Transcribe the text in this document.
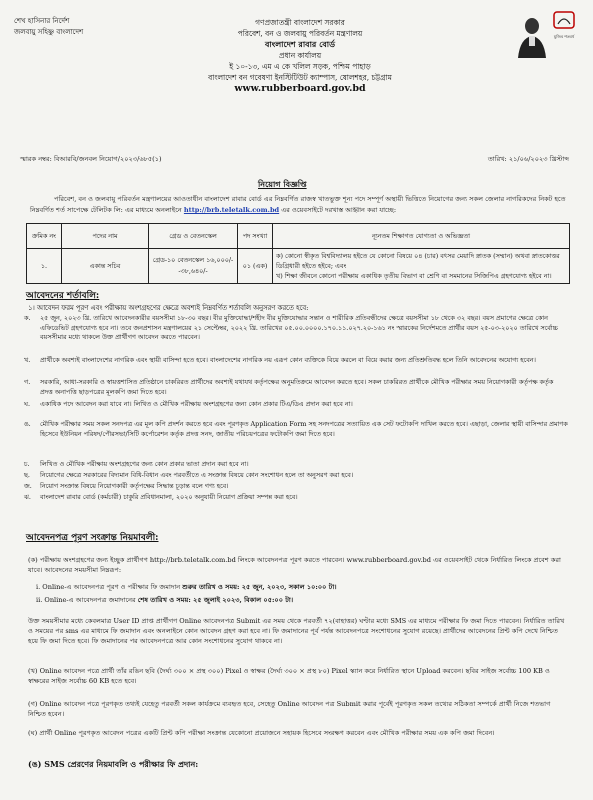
শেখ হাসিনার নির্দেশ
জলবায়ু সহিষ্ণু বাংলাদেশ
গণপ্রজাতন্ত্রী বাংলাদেশ সরকার
পরিবেশ, বন ও জলবায়ু পরিবর্তন মন্ত্রণালয়
বাংলাদেশ রাবার বোর্ড
প্রধান কার্যালয়
ই ১০-১৩, এম এ কে খলিল সড়ক, পশ্চিম পাহাড়
বাংলাদেশ বন গবেষণা ইনস্টিটিউট ক্যাম্পাস, ষোলশহর, চট্টগ্রাম
www.rubberboard.gov.bd
মুজিব শতবর্ষ
স্মারক নম্বর: বিআরবি/জনবল নিয়োগ/২০২৩/৬৮৫(১)	তারিখ: ২১/০৬/২০২৩ খ্রিস্টাব্দ
নিয়োগ বিজ্ঞপ্তি
পরিবেশ, বন ও জলবায়ু পরিবর্তন মন্ত্রণালয়ের আওতাধীন বাংলাদেশ রাবার বোর্ড এর নিম্নবর্ণিত রাজস্ব খাতভুক্ত শূন্য পদে সম্পূর্ণ অস্থায়ী ভিত্তিতে নিয়োগের জন্য সকল জেলার নাগরিকদের নিকট হতে নিম্নবর্ণিত শর্ত সাপেক্ষে টেলিটক লি: এর মাধ্যমে অনলাইনে http://brb.teletalk.com.bd এর ওয়েবসাইটে দরখাস্ত আহ্বান করা যাচ্ছে:
ক্রমিক নং	পদের নাম	গ্রেড ও বেতনস্কেল	পদ সংখ্যা	ন্যূনতম শিক্ষাগত যোগ্যতা ও অভিজ্ঞতা
১.	একান্ত সচিব	গ্রেড-১০ বেতনস্কেল ১৬,০০০/- -৩৮,৬৪০/-	০১ (এক)	ক) কোনো স্বীকৃত বিশ্ববিদ্যালয় হইতে যে কোনো বিষয়ে ০৪ (চার) বৎসর মেয়াদি স্নাতক (সম্মান) অথবা স্নাতকোত্তর ডিগ্রিধারী হইতে হইবে; এবং
খ) শিক্ষা জীবনে কোনো পরীক্ষায় একাধিক তৃতীয় বিভাগ বা শ্রেণি বা সমমানের সিজিপিএ গ্রহণযোগ্য হইবে না।
আবেদনের শর্তাবলি:
১। আবেদন ফরম পূরণ এবং পরীক্ষায় অংশগ্রহণের ক্ষেত্রে অবশ্যই নিম্নবর্ণিত শর্তাবলি অনুসরণ করতে হবে:
ক. ২৫ জুন, ২০২৩ খ্রি. তারিখে আবেদনকারীর বয়সসীমা ১৮-৩০ বছর। বীর মুক্তিযোদ্ধা/শহীদ বীর মুক্তিযোদ্ধার সন্তান ও শারীরিক প্রতিবন্ধীদের ক্ষেত্রে বয়সসীমা ১৮ থেকে ৩২ বছর। বয়স প্রমাণের ক্ষেত্রে কোন এফিডেভিট গ্রহণযোগ্য হবে না। তবে জনপ্রশাসন মন্ত্রণালয়ের ২১ সেপ্টেম্বর, ২০২২ খ্রি. তারিখের ০৫.০০.০০০০.১৭০.১১.০২৭.২০-১৬১ নং স্মারকের নির্দেশমতে প্রার্থীর বয়স ২৫-০৩-২০২০ তারিখে সর্বোচ্চ বয়সসীমার মধ্যে থাকলে উক্ত প্রার্থীগণ আবেদন করতে পারবেন।
খ. প্রার্থীকে অবশ্যই বাংলাদেশের নাগরিক এবং স্থায়ী বাসিন্দা হতে হবে। বাংলাদেশের নাগরিক নয় এরূপ কোন ব্যক্তিকে বিয়ে করলে বা বিয়ে করার জন্য প্রতিশ্রুতিবদ্ধ হলে তিনি আবেদনের অযোগ্য হবেন।
গ. সরকারি, আধা-সরকারি ও স্বায়ত্তশাসিত প্রতিষ্ঠানে চাকরিরত প্রার্থীদের অবশ্যই যথাযথ কর্তৃপক্ষের অনুমতিক্রমে আবেদন করতে হবে। সকল চাকরিরত প্রার্থীকে মৌখিক পরীক্ষার সময় নিয়োগকারী কর্তৃপক্ষ কর্তৃক প্রদত্ত অনাপত্তি ছাড়পত্রের মূলকপি জমা দিতে হবে।
ঘ. একাধিক পদে আবেদন করা যাবে না। লিখিত ও মৌখিক পরীক্ষায় অংশগ্রহণের জন্য কোন প্রকার টিএ/ডিএ প্রদান করা হবে না।
ঙ. মৌখিক পরীক্ষার সময় সকল সনদপত্র এর মূল কপি প্রদর্শন করতে হবে এবং পূরণকৃত Application Form সহ সনদপত্রের সত্যায়িত এক সেট ফটোকপি দাখিল করতে হবে। এছাড়া, জেলার স্থায়ী বাসিন্দার প্রমাণক হিসেবে ইউনিয়ন পরিষদ/পৌরসভা/সিটি কর্পোরেশন কর্তৃক প্রদত্ত সনদ, জাতীয় পরিচয়পত্রের ফটোকপি জমা দিতে হবে।
চ. লিখিত ও মৌখিক পরীক্ষায় অংশগ্রহণের জন্য কোন প্রকার ভাতা প্রদান করা হবে না।
ছ. নিয়োগের ক্ষেত্রে সরকারের বিদ্যমান বিধি-বিধান এবং পরবর্তীতে এ সংক্রান্ত বিষয়ে কোন সংশোধন হলে তা অনুসরণ করা হবে।
জ. নিয়োগ সংক্রান্ত বিষয়ে নিয়োগকারী কর্তৃপক্ষের সিদ্ধান্ত চূড়ান্ত বলে গণ্য হবে।
ঝ. বাংলাদেশ রাবার বোর্ড (কর্মচারী) চাকুরি প্রবিধানমালা, ২০২০ অনুযায়ী নিয়োগ প্রক্রিয়া সম্পন্ন করা হবে।
আবেদনপত্র পূরণ সংক্রান্ত নিয়মাবলী:
(ক) পরীক্ষায় অংশগ্রহণের জন্য ইচ্ছুক প্রার্থীগণ http://brb.teletalk.com.bd লিংকে আবেদনপত্র পূরণ করতে পারবেন। www.rubberboard.gov.bd এর ওয়েবসাইট থেকে নির্ধারিত লিংকে প্রবেশ করা যাবে। আবেদনের সময়সীমা নিম্নরূপ:
i. Online-এ আবেদনপত্র পূরণ ও পরীক্ষার ফি জমাদান শুরুর তারিখ ও সময়: ২৫ জুন, ২০২৩, সকাল ১০:০০ টা।
ii. Online-এ আবেদনপত্র জমাদানের শেষ তারিখ ও সময়: ২৫ জুলাই ২০২৩, বিকাল ০৫:০০ টা।
উক্ত সময়সীমার মধ্যে কেবলমাত্র User ID প্রাপ্ত প্রার্থীগণ Online আবেদনপত্র Submit এর সময় থেকে পরবর্তী ৭২(বাহাত্তর) ঘণ্টার মধ্যে SMS এর মাধ্যমে পরীক্ষার ফি জমা দিতে পারবেন। নির্ধারিত তারিখ ও সময়ের পর sms এর মাধ্যমে ফি জমাদান এবং অনলাইনে কোন আবেদন গ্রহণ করা হবে না। ফি জমাদানের পূর্ব পর্যন্ত আবেদনপত্রে সংশোধনের সুযোগ রয়েছে। প্রার্থীদের আবেদনের প্রিন্ট কপি দেখে নিশ্চিত হয়ে ফি জমা দিতে হবে। ফি জমাদানের পর আবেদনপত্রে আর কোন সংশোধনের সুযোগ থাকবে না।
(খ) Online আবেদন পত্রে প্রার্থী তাঁর রঙিন ছবি (দৈর্ঘ্য ৩০০ × প্রস্থ ৩০০) Pixel ও স্বাক্ষর (দৈর্ঘ্য ৩০০ × প্রস্থ ৮০) Pixel স্ক্যান করে নির্ধারিত স্থানে Upload করবেন। ছবির সাইজ সর্বোচ্চ 100 KB ও স্বাক্ষরের সাইজ সর্বোচ্চ 60 KB হতে হবে।
(গ) Online আবেদন পত্রে পূরণকৃত তথ্যই যেহেতু পরবর্তী সকল কার্যক্রমে ব্যবহৃত হবে, সেহেতু Online আবেদন পত্র Submit করার পূর্বেই পূরণকৃত সকল তথ্যের সঠিকতা সম্পর্কে প্রার্থী নিজে শতভাগ নিশ্চিত হবেন।
(ঘ) প্রার্থী Online পূরণকৃত আবেদন পত্রের একটি প্রিন্ট কপি পরীক্ষা সংক্রান্ত যেকোনো প্রয়োজনে সহায়ক হিসেবে সংরক্ষণ করবেন এবং মৌখিক পরীক্ষার সময় এক কপি জমা দিবেন।
(ঙ) SMS প্রেরণের নিয়মাবলি ও পরীক্ষার ফি প্রদান:
